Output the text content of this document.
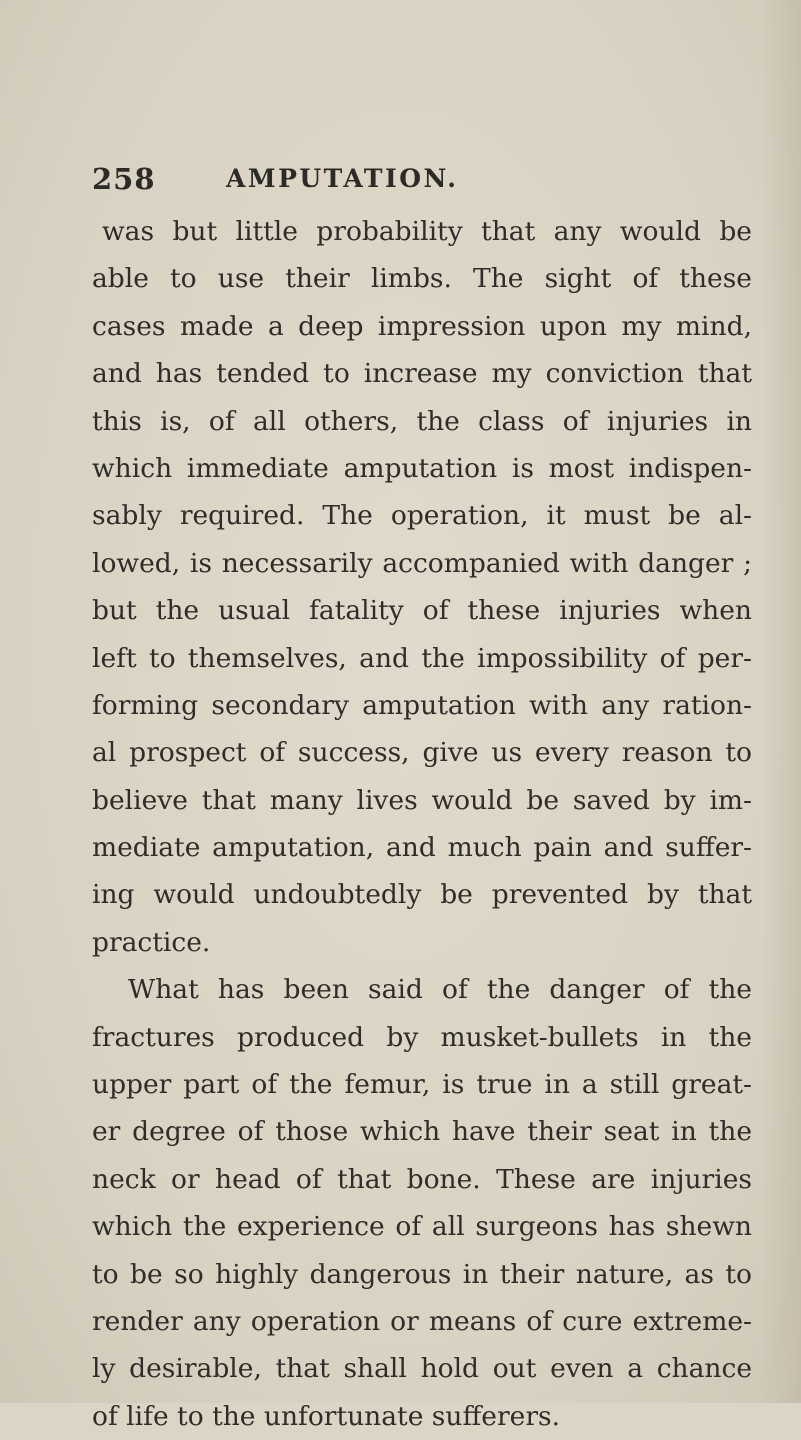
258	AMPUTATION.
was but little probability that any would be
able to use their limbs. The sight of these
cases made a deep impression upon my mind,
and has tended to increase my conviction that
this is, of all others, the class of injuries in
which immediate amputation is most indispen-
sably required. The operation, it must be al-
lowed, is necessarily accompanied with danger ;
but the usual fatality of these injuries when
left to themselves, and the impossibility of per-
forming secondary amputation with any ration-
al prospect of success, give us every reason to
believe that many lives would be saved by im-
mediate amputation, and much pain and suffer-
ing would undoubtedly be prevented by that
practice.
What has been said of the danger of the
fractures produced by musket-bullets in the
upper part of the femur, is true in a still great-
er degree of those which have their seat in the
neck or head of that bone. These are injuries
which the experience of all surgeons has shewn
to be so highly dangerous in their nature, as to
render any operation or means of cure extreme-
ly desirable, that shall hold out even a chance
of life to the unfortunate sufferers.
